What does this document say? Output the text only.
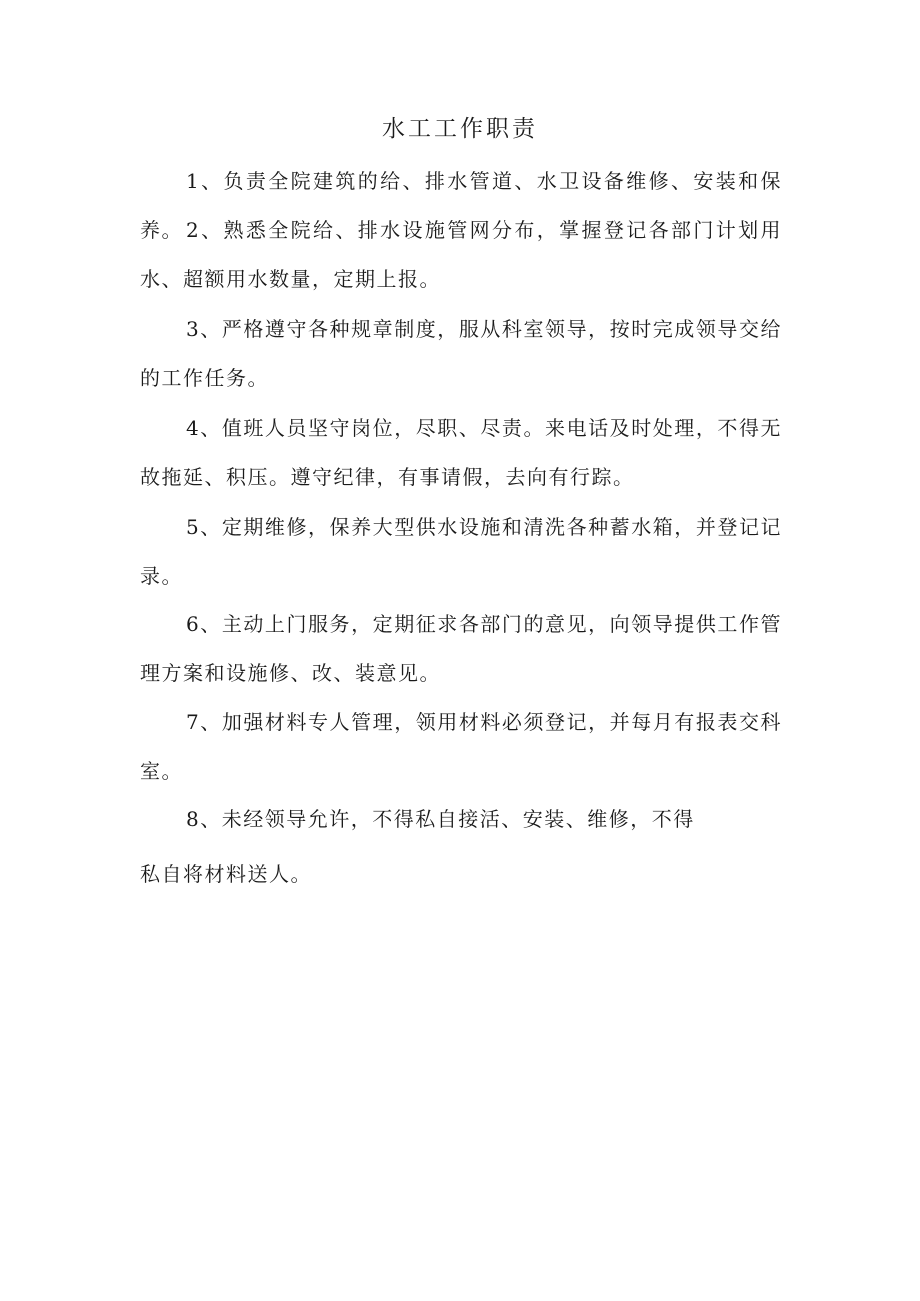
水工工作职责
1、负责全院建筑的给、排水管道、水卫设备维修、安装和保养。 2、熟悉全院给、排水设施管网分布，掌握登记各部门计划用水、超额用水数量，定期上报。
3、严格遵守各种规章制度，服从科室领导，按时完成领导交给的工作任务。
4、值班人员坚守岗位，尽职、尽责。来电话及时处理，不得无故拖延、积压。遵守纪律，有事请假，去向有行踪。
5、定期维修，保养大型供水设施和清洗各种蓄水箱，并登记记录。
6、主动上门服务，定期征求各部门的意见，向领导提供工作管理方案和设施修、改、装意见。
7、加强材料专人管理，领用材料必须登记，并每月有报表交科室。
8、未经领导允许，不得私自接活、安装、维修，不得
私自将材料送人。
